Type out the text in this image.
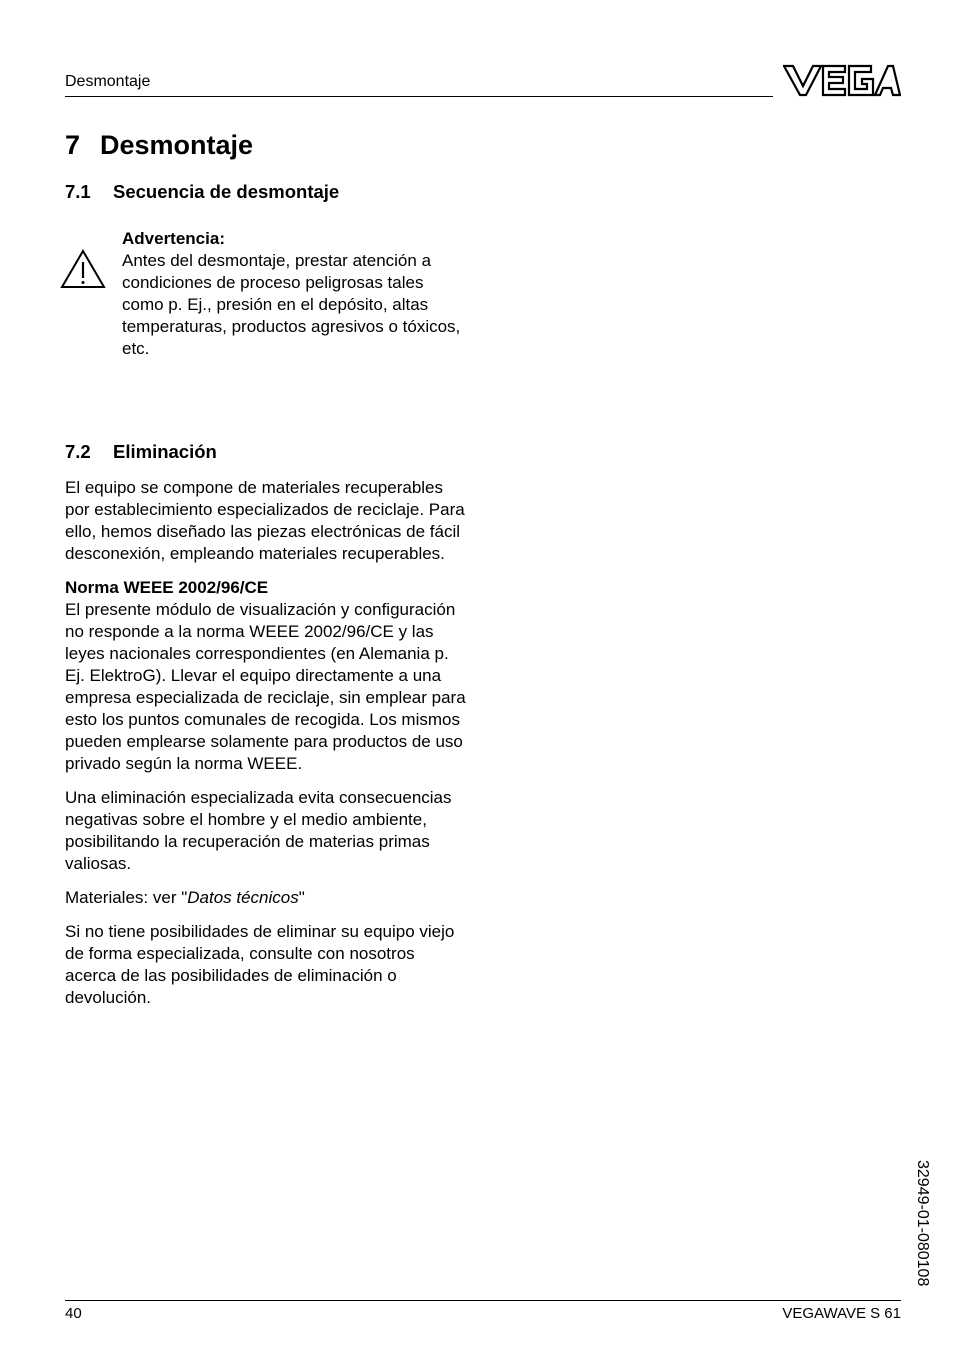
Desmontaje
7 Desmontaje
7.1 Secuencia de desmontaje
Advertencia:
Antes del desmontaje, prestar atención a condiciones de proceso peligrosas tales como p. Ej., presión en el depósito, altas temperaturas, productos agresivos o tóxicos, etc.
7.2 Eliminación

El equipo se compone de materiales recuperables por establecimiento especializados de reciclaje. Para ello, hemos diseñado las piezas electrónicas de fácil desconexión, empleando materiales recuperables.

Norma WEEE 2002/96/CE
El presente módulo de visualización y configuración no responde a la norma WEEE 2002/96/CE y las leyes nacionales correspondientes (en Alemania p. Ej. ElektroG). Llevar el equipo directamente a una empresa especializada de reciclaje, sin emplear para esto los puntos comunales de recogida. Los mismos pueden emplearse solamente para productos de uso privado según la norma WEEE.

Una eliminación especializada evita consecuencias negativas sobre el hombre y el medio ambiente, posibilitando la recuperación de materias primas valiosas.

Materiales: ver "Datos técnicos"

Si no tiene posibilidades de eliminar su equipo viejo de forma especializada, consulte con nosotros acerca de las posibilidades de eliminación o devolución.

32949-01-080108
40	VEGAWAVE S 61
